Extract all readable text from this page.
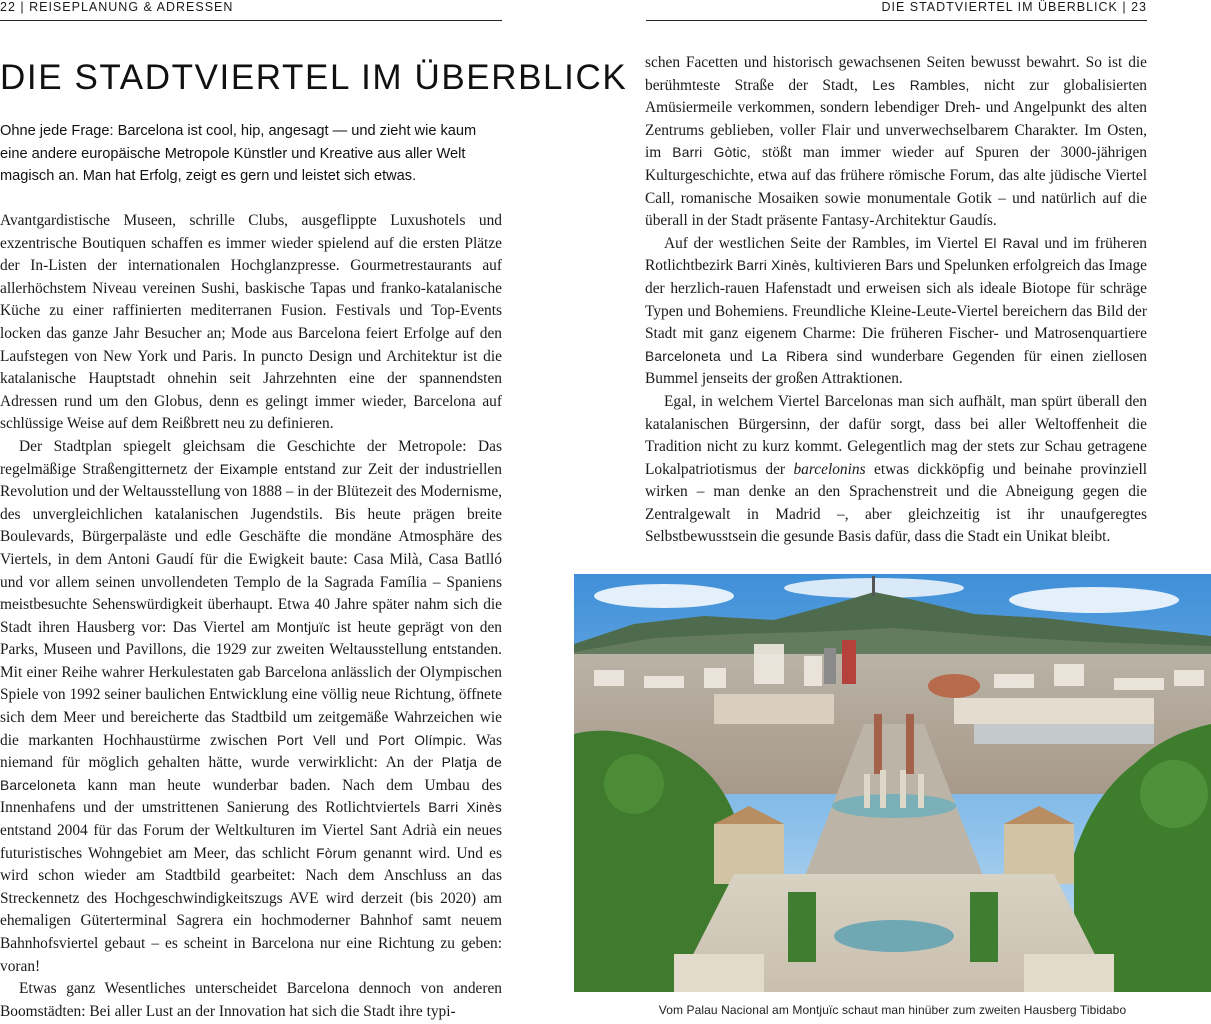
22 | REISEPLANUNG & ADRESSEN	DIE STADTVIERTEL IM ÜBERBLICK | 23
DIE STADTVIERTEL IM ÜBERBLICK
Ohne jede Frage: Barcelona ist cool, hip, angesagt — und zieht wie kaum eine andere europäische Metropole Künstler und Kreative aus aller Welt magisch an. Man hat Erfolg, zeigt es gern und leistet sich etwas.

Avantgardistische Museen, schrille Clubs, ausgeflippte Luxushotels und exzentrische Boutiquen schaffen es immer wieder spielend auf die ersten Plätze der In-Listen der internationalen Hochglanzpresse. Gourmetrestaurants auf allerhöchstem Niveau vereinen Sushi, baskische Tapas und franko-katalanische Küche zu einer raffinierten mediterranen Fusion. Festivals und Top-Events locken das ganze Jahr Besucher an; Mode aus Barcelona feiert Erfolge auf den Laufstegen von New York und Paris. In puncto Design und Architektur ist die katalanische Hauptstadt ohnehin seit Jahrzehnten eine der spannendsten Adressen rund um den Globus, denn es gelingt immer wieder, Barcelona auf schlüssige Weise auf dem Reißbrett neu zu definieren.

Der Stadtplan spiegelt gleichsam die Geschichte der Metropole: Das regelmäßige Straßengitternetz der Eixample entstand zur Zeit der industriellen Revolution und der Weltausstellung von 1888 – in der Blütezeit des Modernisme, des unvergleichlichen katalanischen Jugendstils. Bis heute prägen breite Boulevards, Bürgerpaläste und edle Geschäfte die mondäne Atmosphäre des Viertels, in dem Antoni Gaudí für die Ewigkeit baute: Casa Milà, Casa Batlló und vor allem seinen unvollendeten Templo de la Sagrada Família – Spaniens meistbesuchte Sehenswürdigkeit überhaupt. Etwa 40 Jahre später nahm sich die Stadt ihren Hausberg vor: Das Viertel am Montjuïc ist heute geprägt von den Parks, Museen und Pavillons, die 1929 zur zweiten Weltausstellung entstanden. Mit einer Reihe wahrer Herkulestaten gab Barcelona anlässlich der Olympischen Spiele von 1992 seiner baulichen Entwicklung eine völlig neue Richtung, öffnete sich dem Meer und bereicherte das Stadtbild um zeitgemäße Wahrzeichen wie die markanten Hochhaustürme zwischen Port Vell und Port Olímpic. Was niemand für möglich gehalten hätte, wurde verwirklicht: An der Platja de Barceloneta kann man heute wunderbar baden. Nach dem Umbau des Innenhafens und der umstrittenen Sanierung des Rotlichtviertels Barri Xinès entstand 2004 für das Forum der Weltkulturen im Viertel Sant Adrià ein neues futuristisches Wohngebiet am Meer, das schlicht Fòrum genannt wird. Und es wird schon wieder am Stadtbild gearbeitet: Nach dem Anschluss an das Streckennetz des Hochgeschwindigkeitszugs AVE wird derzeit (bis 2020) am ehemaligen Güterterminal Sagrera ein hochmoderner Bahnhof samt neuem Bahnhofsviertel gebaut – es scheint in Barcelona nur eine Richtung zu geben: voran!

Etwas ganz Wesentliches unterscheidet Barcelona dennoch von anderen Boomstädten: Bei aller Lust an der Innovation hat sich die Stadt ihre typi-

schen Facetten und historisch gewachsenen Seiten bewusst bewahrt. So ist die berühmteste Straße der Stadt, Les Rambles, nicht zur globalisierten Amüsiermeile verkommen, sondern lebendiger Dreh- und Angelpunkt des alten Zentrums geblieben, voller Flair und unverwechselbarem Charakter. Im Osten, im Barri Gòtic, stößt man immer wieder auf Spuren der 3000-jährigen Kulturgeschichte, etwa auf das frühere römische Forum, das alte jüdische Viertel Call, romanische Mosaiken sowie monumentale Gotik – und natürlich auf die überall in der Stadt präsente Fantasy-Architektur Gaudís.

Auf der westlichen Seite der Rambles, im Viertel El Raval und im früheren Rotlichtbezirk Barri Xinès, kultivieren Bars und Spelunken erfolgreich das Image der herzlich-rauen Hafenstadt und erweisen sich als ideale Biotope für schräge Typen und Bohemiens. Freundliche Kleine-Leute-Viertel bereichern das Bild der Stadt mit ganz eigenem Charme: Die früheren Fischer- und Matrosenquartiere Barceloneta und La Ribera sind wunderbare Gegenden für einen ziellosen Bummel jenseits der großen Attraktionen.

Egal, in welchem Viertel Barcelonas man sich aufhält, man spürt überall den katalanischen Bürgersinn, der dafür sorgt, dass bei aller Weltoffenheit die Tradition nicht zu kurz kommt. Gelegentlich mag der stets zur Schau getragene Lokalpatriotismus der barcelonins etwas dickköpfig und beinahe provinziell wirken – man denke an den Sprachenstreit und die Abneigung gegen die Zentralgewalt in Madrid –, aber gleichzeitig ist ihr unaufgeregtes Selbstbewusstsein die gesunde Basis dafür, dass die Stadt ein Unikat bleibt.

Vom Palau Nacional am Montjuïc schaut man hinüber zum zweiten Hausberg Tibidabo
